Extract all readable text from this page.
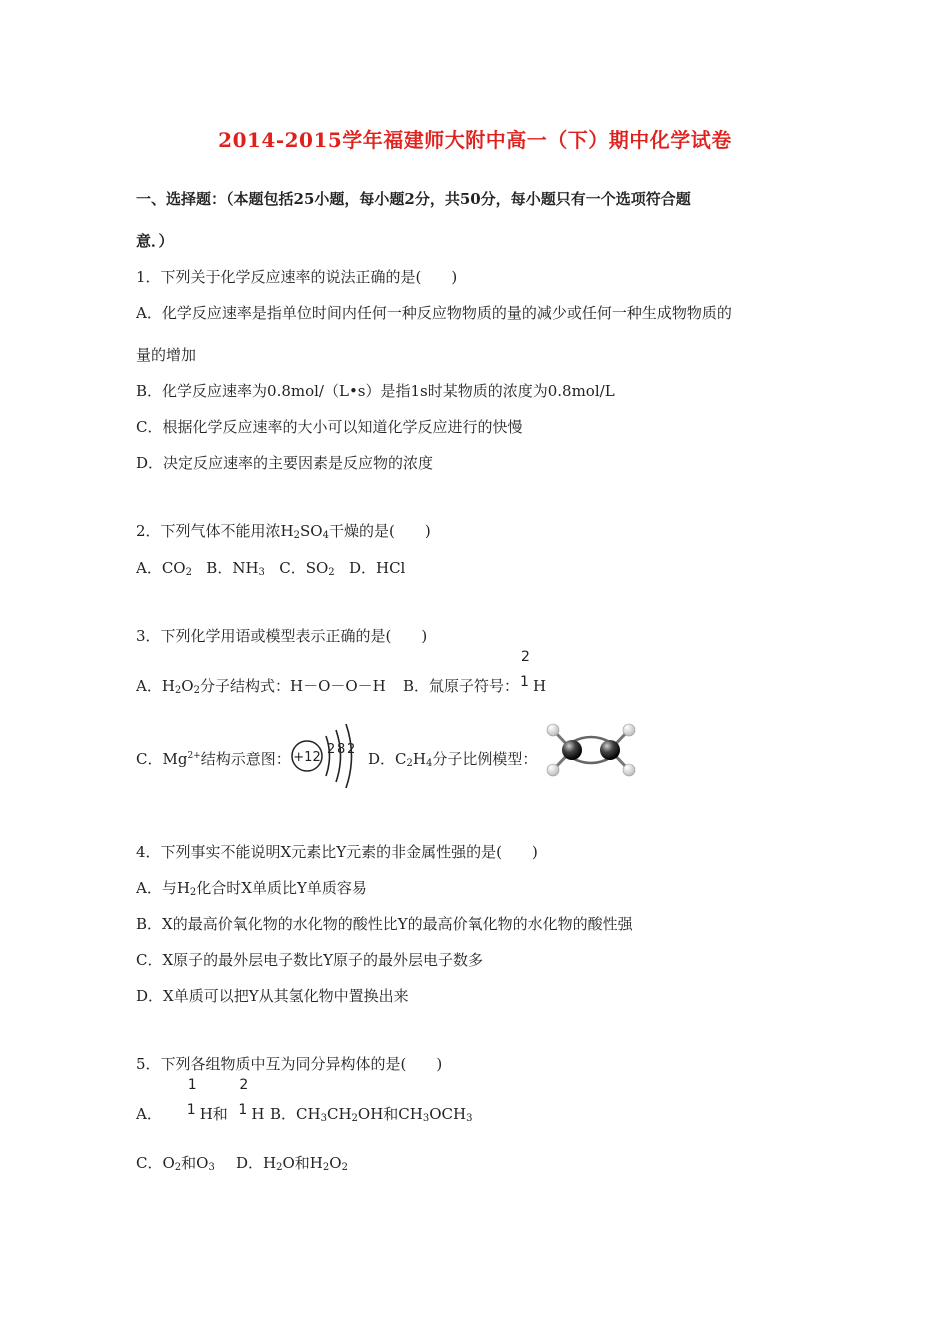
2014-2015学年福建师大附中高一（下）期中化学试卷
一、选择题：（本题包括25小题，每小题2分，共50分，每小题只有一个选项符合题
意．）
1．下列关于化学反应速率的说法正确的是(　　)
A．化学反应速率是指单位时间内任何一种反应物物质的量的减少或任何一种生成物物质的
量的增加
B．化学反应速率为0.8mol/（L•s）是指1s时某物质的浓度为0.8mol/L
C．根据化学反应速率的大小可以知道化学反应进行的快慢
D．决定反应速率的主要因素是反应物的浓度
2．下列气体不能用浓$H_2SO_4$干燥的是(　　)
A．$CO_2$ B．$NH_3$ C．$SO_2$ D．HCl
3．下列化学用语或模型表示正确的是(　　)
A．$H_2O_2$分子结构式：H－O－O－H B．氚原子符号：
2
1 H
C．$Mg^{2+}$结构示意图： +12
2 8 2
D．$C_2H_4$分子比例模型：
4．下列事实不能说明X元素比Y元素的非金属性强的是(　　)
A．与$H_2$化合时X单质比Y单质容易
B．X的最高价氧化物的水化物的酸性比Y的最高价氧化物的水化物的酸性强
C．X原子的最外层电子数比Y原子的最外层电子数多
D．X单质可以把Y从其氢化物中置换出来
5．下列各组物质中互为同分异构体的是(　　)
A．
1
1 H和
2
1 H B．$CH_3CH_2OH$和$CH_3OCH_3$
C．$O_2$和$O_3$ D．$H_2O$和$H_2O_2$
